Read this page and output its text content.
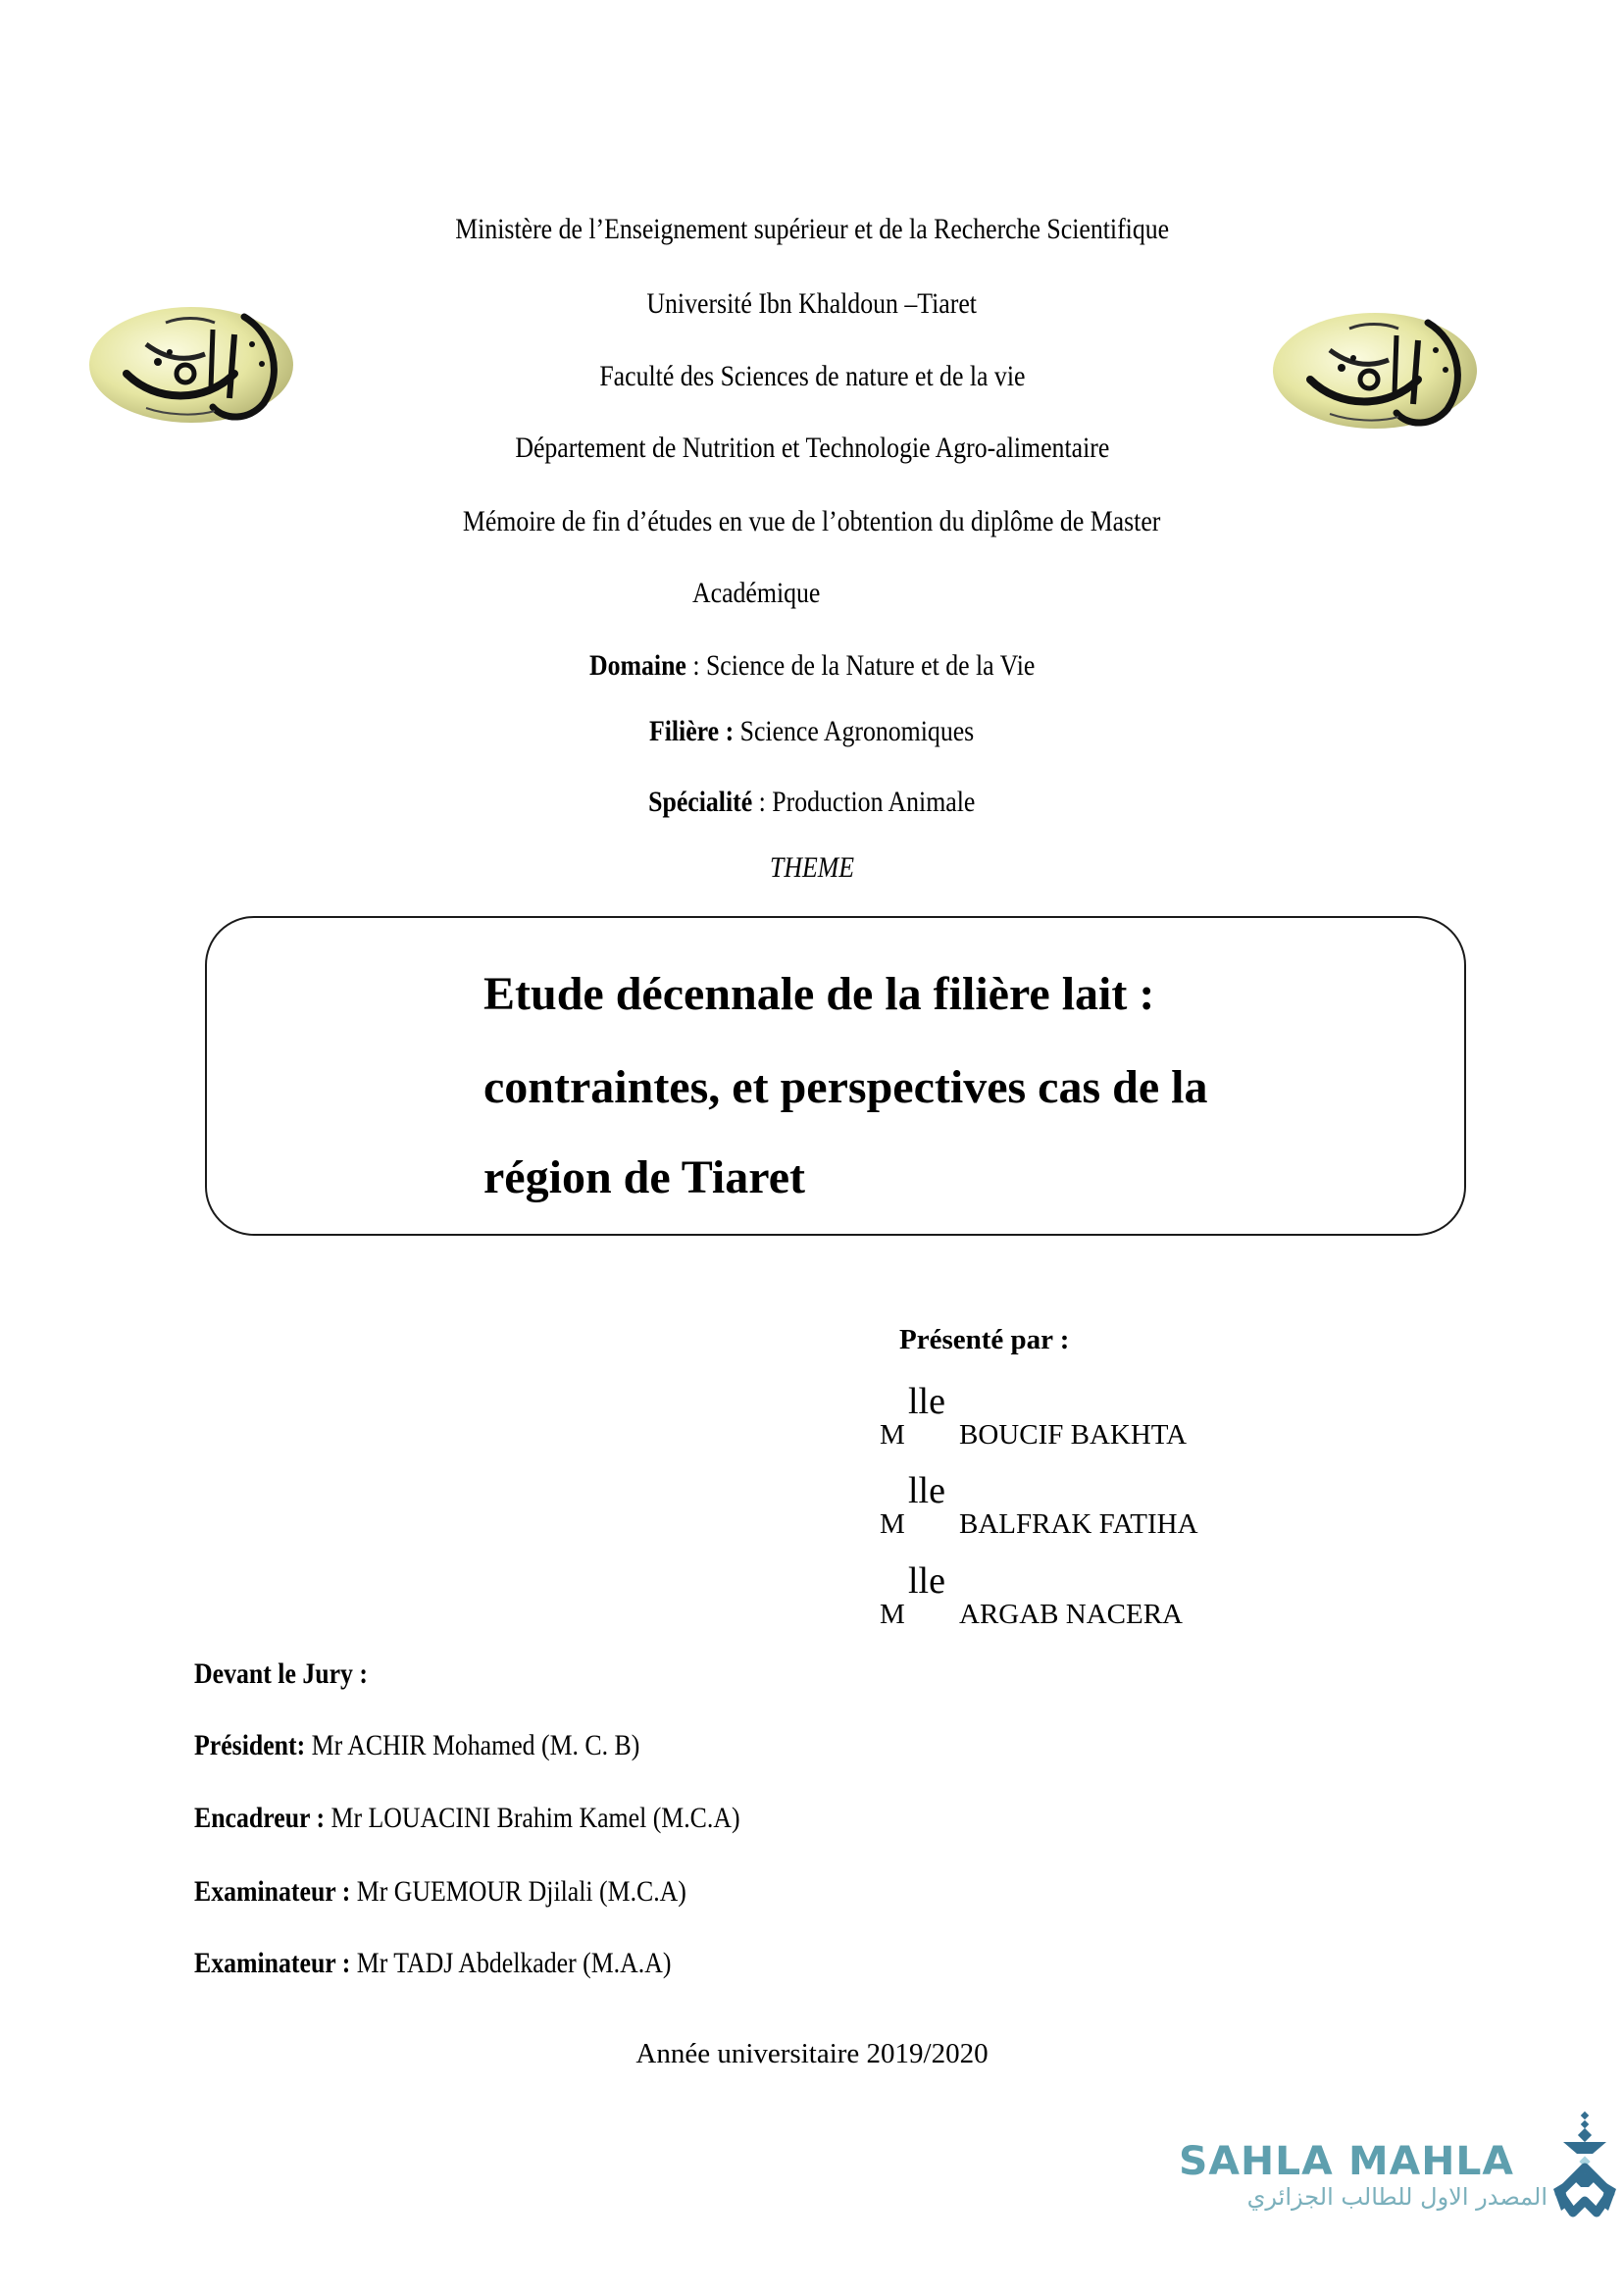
Ministère de l’Enseignement supérieur et de la Recherche Scientifique
Université Ibn Khaldoun –Tiaret
Faculté des Sciences de nature et de la vie
Département de Nutrition et Technologie Agro-alimentaire
Mémoire de fin d’études en vue de l’obtention du diplôme de Master
Académique
Domaine : Science de la Nature et de la Vie
Filière : Science Agronomiques
Spécialité : Production Animale
THEME
Etude décennale de la filière lait :
contraintes, et perspectives cas de la
région de Tiaret
Présenté par :
lle
M BOUCIF BAKHTA
lle
M BALFRAK FATIHA
lle
M ARGAB NACERA
Devant le Jury :
Président: Mr ACHIR Mohamed (M. C. B)
Encadreur : Mr LOUACINI Brahim Kamel (M.C.A)
Examinateur : Mr GUEMOUR Djilali (M.C.A)
Examinateur : Mr TADJ Abdelkader (M.A.A)
Année universitaire 2019/2020
SAHLA MAHLA
المصدر الاول للطالب الجزائري
